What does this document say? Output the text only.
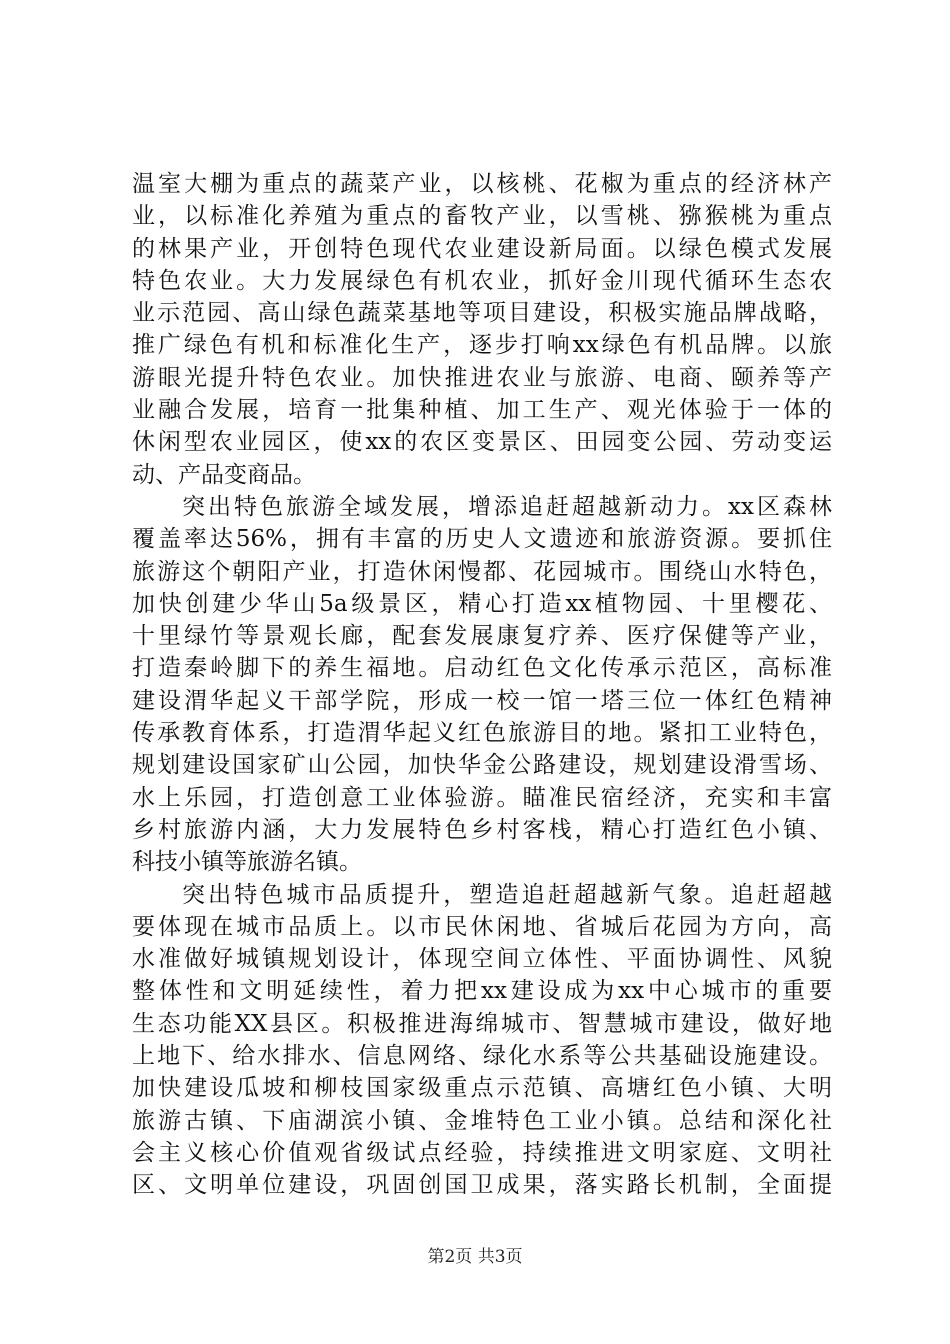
温室大棚为重点的蔬菜产业，以核桃、花椒为重点的经济林产
业，以标准化养殖为重点的畜牧产业，以雪桃、猕猴桃为重点
的林果产业，开创特色现代农业建设新局面。以绿色模式发展
特色农业。大力发展绿色有机农业，抓好金川现代循环生态农
业示范园、高山绿色蔬菜基地等项目建设，积极实施品牌战略，
推广绿色有机和标准化生产，逐步打响xx绿色有机品牌。以旅
游眼光提升特色农业。加快推进农业与旅游、电商、颐养等产
业融合发展，培育一批集种植、加工生产、观光体验于一体的
休闲型农业园区，使xx的农区变景区、田园变公园、劳动变运
动、产品变商品。
突出特色旅游全域发展，增添追赶超越新动力。xx区森林
覆盖率达56%，拥有丰富的历史人文遗迹和旅游资源。要抓住
旅游这个朝阳产业，打造休闲慢都、花园城市。围绕山水特色，
加快创建少华山5a级景区，精心打造xx植物园、十里樱花、
十里绿竹等景观长廊，配套发展康复疗养、医疗保健等产业，
打造秦岭脚下的养生福地。启动红色文化传承示范区，高标准
建设渭华起义干部学院，形成一校一馆一塔三位一体红色精神
传承教育体系，打造渭华起义红色旅游目的地。紧扣工业特色，
规划建设国家矿山公园，加快华金公路建设，规划建设滑雪场、
水上乐园，打造创意工业体验游。瞄准民宿经济，充实和丰富
乡村旅游内涵，大力发展特色乡村客栈，精心打造红色小镇、
科技小镇等旅游名镇。
突出特色城市品质提升，塑造追赶超越新气象。追赶超越
要体现在城市品质上。以市民休闲地、省城后花园为方向，高
水准做好城镇规划设计，体现空间立体性、平面协调性、风貌
整体性和文明延续性，着力把xx建设成为xx中心城市的重要
生态功能XX县区。积极推进海绵城市、智慧城市建设，做好地
上地下、给水排水、信息网络、绿化水系等公共基础设施建设。
加快建设瓜坡和柳枝国家级重点示范镇、高塘红色小镇、大明
旅游古镇、下庙湖滨小镇、金堆特色工业小镇。总结和深化社
会主义核心价值观省级试点经验，持续推进文明家庭、文明社
区、文明单位建设，巩固创国卫成果，落实路长机制，全面提
第2页 共3页
